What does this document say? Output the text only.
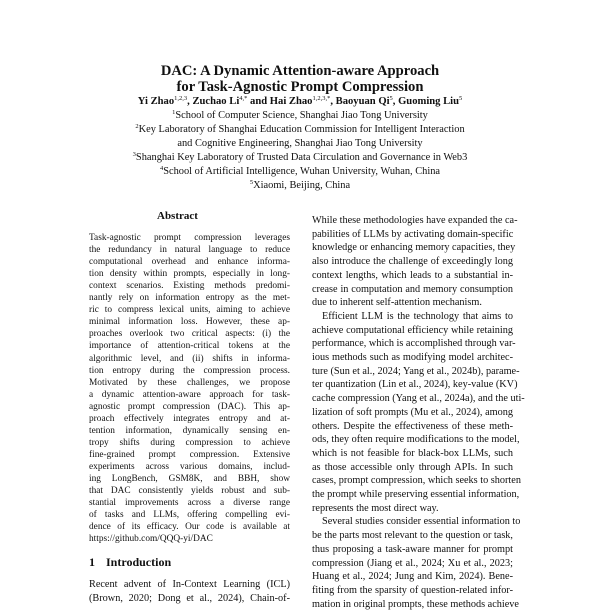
DAC: A Dynamic Attention-aware Approach
for Task-Agnostic Prompt Compression
Yi Zhao$^{1,2,3}$, Zuchao $Li^{4,*}$ and Hai Zhao$^{1,2,3,*}$, Baoyuan Qi$^5$, Guoming Liu$^5$
$^1$School of Computer Science, Shanghai Jiao Tong University
$^2$Key Laboratory of Shanghai Education Commission for Intelligent Interaction
and Cognitive Engineering, Shanghai Jiao Tong University
$^3$Shanghai Key Laboratory of Trusted Data Circulation and Governance in Web3
$^4$School of Artificial Intelligence, Wuhan University, Wuhan, China
$^5$Xiaomi, Beijing, China
Abstract
Task-agnostic prompt compression leverages
the redundancy in natural language to reduce
computational overhead and enhance informa-
tion density within prompts, especially in long-
context scenarios. Existing methods predomi-
nantly rely on information entropy as the met-
ric to compress lexical units, aiming to achieve
minimal information loss. However, these ap-
proaches overlook two critical aspects: (i) the
importance of attention-critical tokens at the
algorithmic level, and (ii) shifts in informa-
tion entropy during the compression process.
Motivated by these challenges, we propose
a dynamic attention-aware approach for task-
agnostic prompt compression (DAC). This ap-
proach effectively integrates entropy and at-
tention information, dynamically sensing en-
tropy shifts during compression to achieve
fine-grained prompt compression. Extensive
experiments across various domains, includ-
ing LongBench, GSM8K, and BBH, show
that DAC consistently yields robust and sub-
stantial improvements across a diverse range
of tasks and LLMs, offering compelling evi-
dence of its efficacy. Our code is available at
https://github.com/QQQ-yi/DAC
1 Introduction
Recent advent of In-Context Learning (ICL)
(Brown, 2020; Dong et al., 2024), Chain-of-
While these methodologies have expanded the ca-
pabilities of LLMs by activating domain-specific
knowledge or enhancing memory capacities, they
also introduce the challenge of exceedingly long
context lengths, which leads to a substantial in-
crease in computation and memory consumption
due to inherent self-attention mechanism.
Efficient LLM is the technology that aims to
achieve computational efficiency while retaining
performance, which is accomplished through var-
ious methods such as modifying model architec-
ture (Sun et al., 2024; Yang et al., 2024b), parame-
ter quantization (Lin et al., 2024), key-value (KV)
cache compression (Yang et al., 2024a), and the uti-
lization of soft prompts (Mu et al., 2024), among
others. Despite the effectiveness of these meth-
ods, they often require modifications to the model,
which is not feasible for black-box LLMs, such
as those accessible only through APIs. In such
cases, prompt compression, which seeks to shorten
the prompt while preserving essential information,
represents the most direct way.
Several studies consider essential information to
be the parts most relevant to the question or task,
thus proposing a task-aware manner for prompt
compression (Jiang et al., 2024; Xu et al., 2023;
Huang et al., 2024; Jung and Kim, 2024). Bene-
fiting from the sparsity of question-related infor-
mation in original prompts, these methods achieve
